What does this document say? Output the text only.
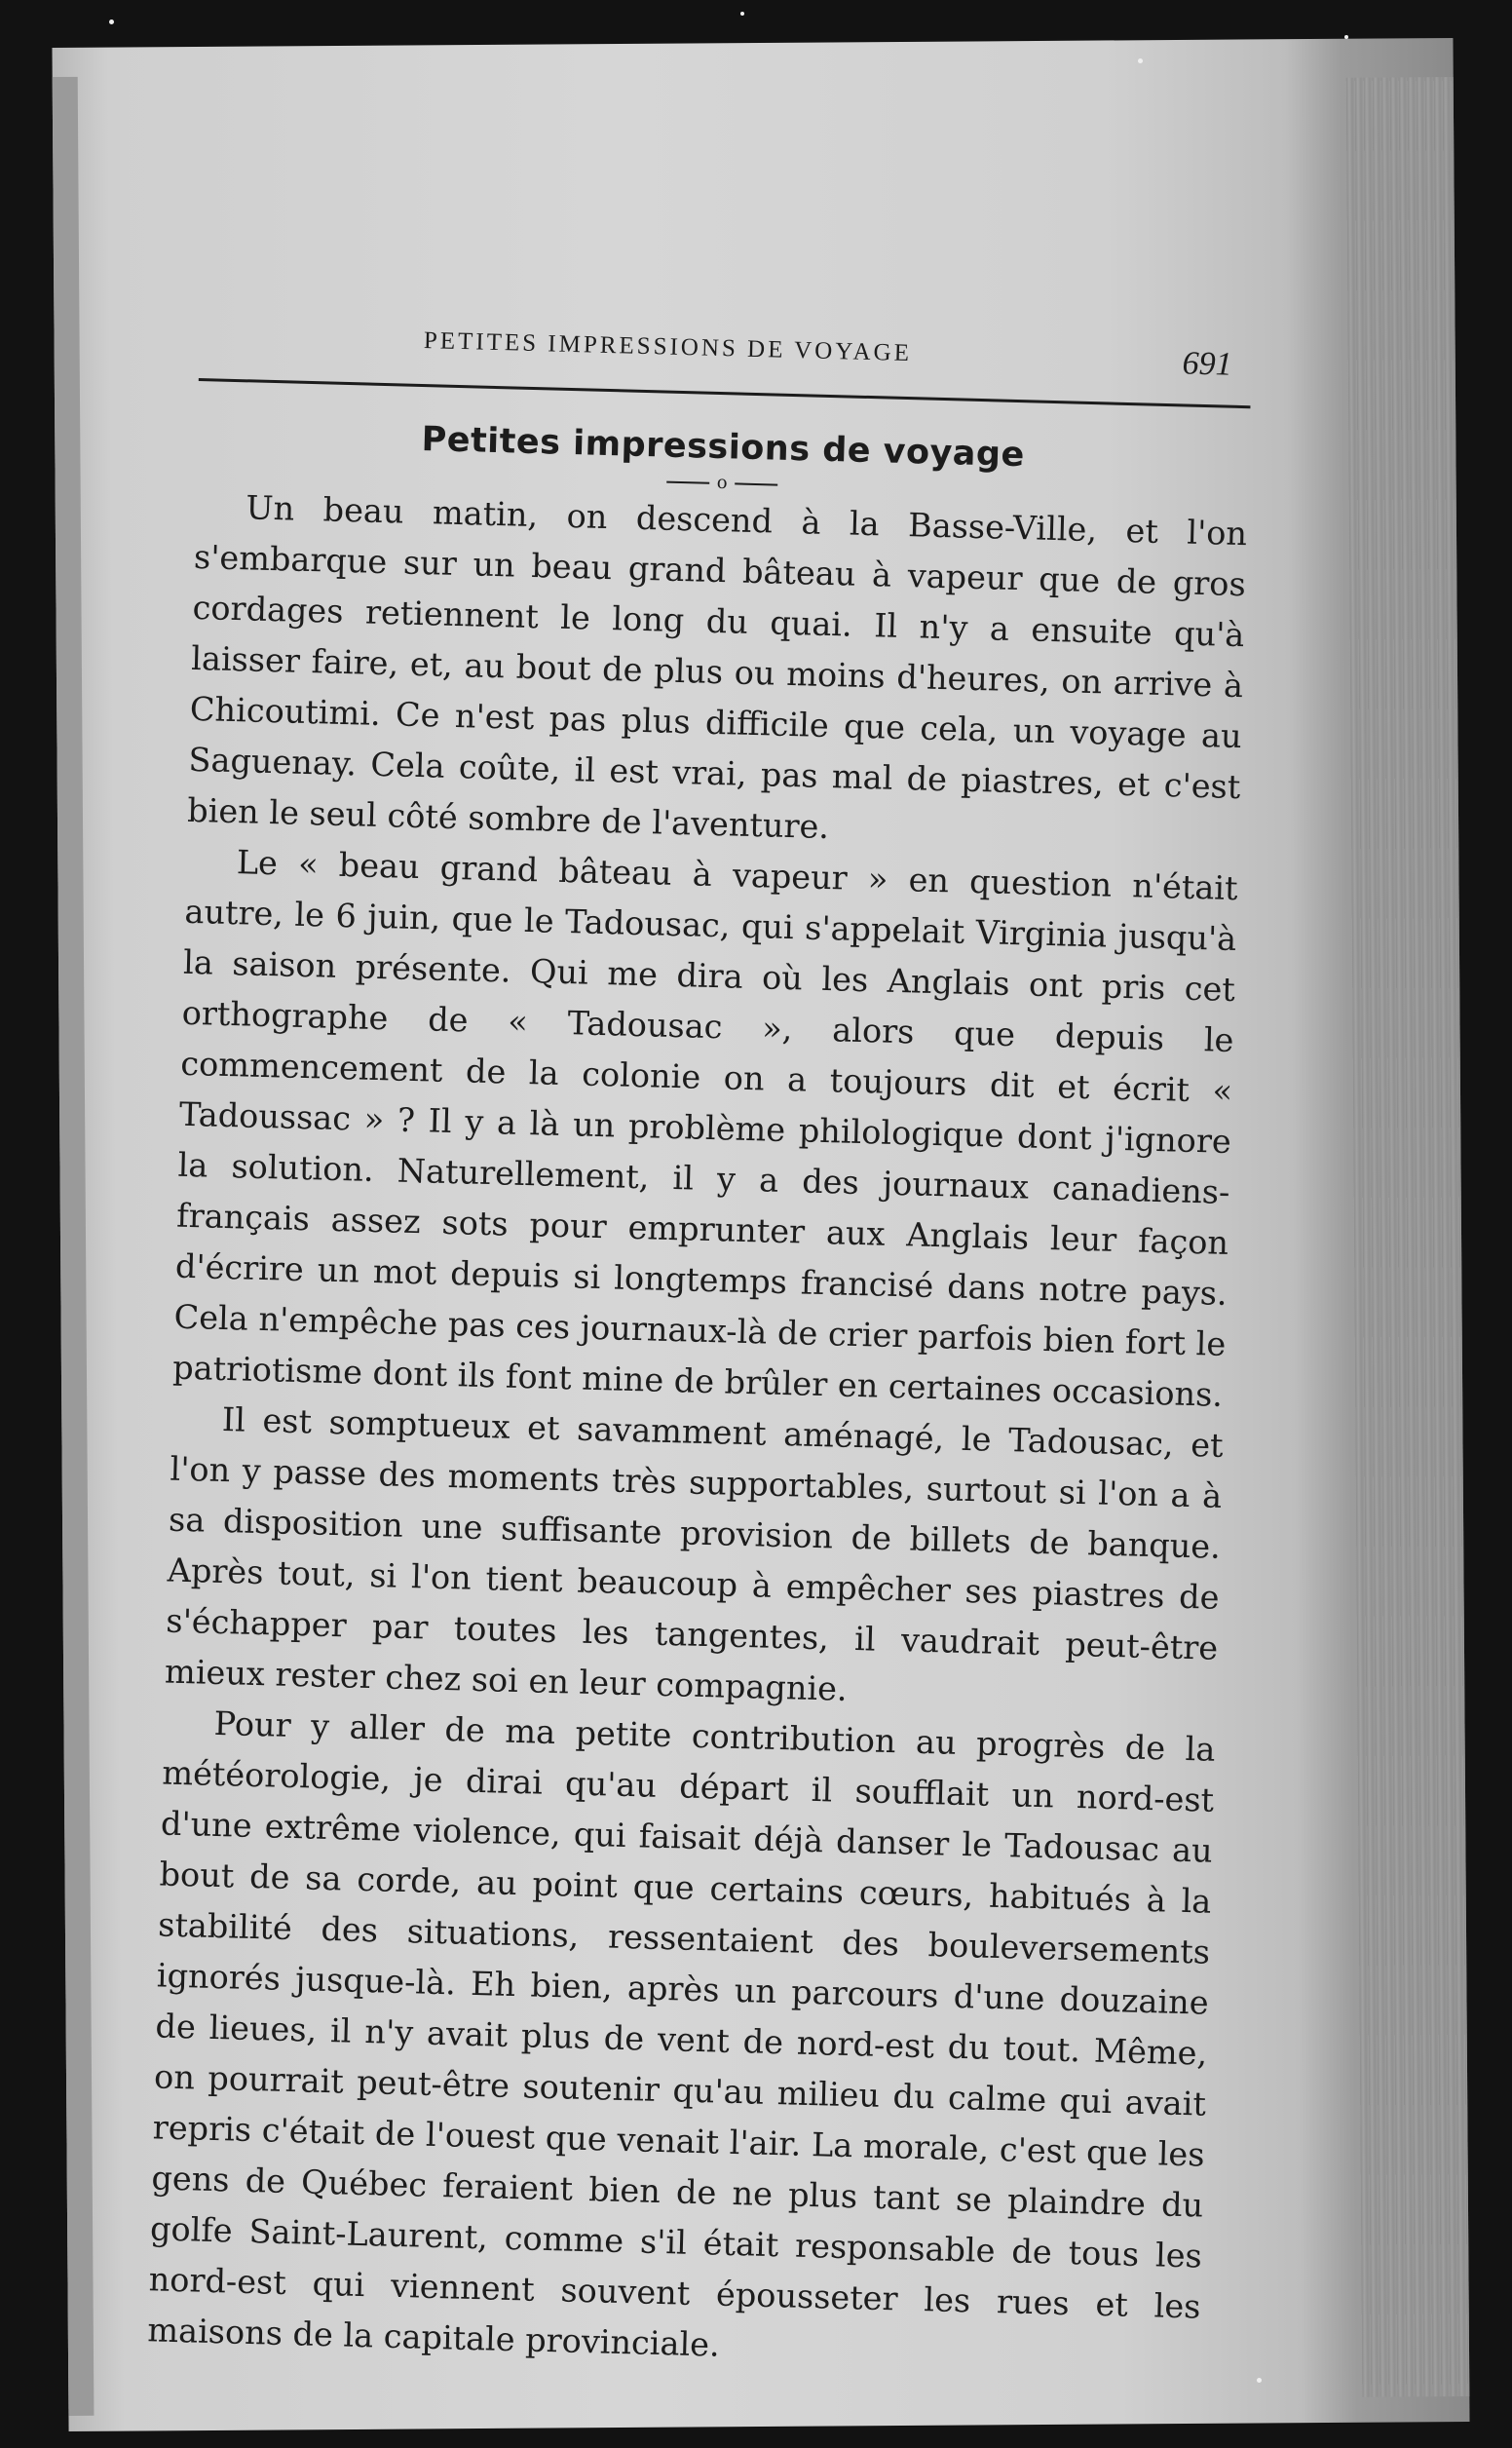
PETITES IMPRESSIONS DE VOYAGE	691
Petites impressions de voyage
o

Un beau matin, on descend à la Basse-Ville, et l'on s'embarque sur un beau grand bâteau à vapeur que de gros cordages retiennent le long du quai. Il n'y a ensuite qu'à laisser faire, et, au bout de plus ou moins d'heures, on arrive à Chicoutimi. Ce n'est pas plus difficile que cela, un voyage au Saguenay. Cela coûte, il est vrai, pas mal de piastres, et c'est bien le seul côté sombre de l'aventure.

Le « beau grand bâteau à vapeur » en question n'était autre, le 6 juin, que le Tadousac, qui s'appelait Virginia jusqu'à la saison présente. Qui me dira où les Anglais ont pris cet orthographe de « Tadousac », alors que depuis le commencement de la colonie on a toujours dit et écrit « Tadoussac » ? Il y a là un problème philologique dont j'ignore la solution. Naturellement, il y a des journaux canadiens-français assez sots pour emprunter aux Anglais leur façon d'écrire un mot depuis si longtemps francisé dans notre pays. Cela n'empêche pas ces journaux-là de crier parfois bien fort le patriotisme dont ils font mine de brûler en certaines occasions.

Il est somptueux et savamment aménagé, le Tadousac, et l'on y passe des moments très supportables, surtout si l'on a à sa disposition une suffisante provision de billets de banque. Après tout, si l'on tient beaucoup à empêcher ses piastres de s'échapper par toutes les tangentes, il vaudrait peut-être mieux rester chez soi en leur compagnie.

Pour y aller de ma petite contribution au progrès de la météorologie, je dirai qu'au départ il soufflait un nord-est d'une extrême violence, qui faisait déjà danser le Tadousac au bout de sa corde, au point que certains cœurs, habitués à la stabilité des situations, ressentaient des bouleversements ignorés jusque-là. Eh bien, après un parcours d'une douzaine de lieues, il n'y avait plus de vent de nord-est du tout. Même, on pourrait peut-être soutenir qu'au milieu du calme qui avait repris c'était de l'ouest que venait l'air. La morale, c'est que les gens de Québec feraient bien de ne plus tant se plaindre du golfe Saint-Laurent, comme s'il était responsable de tous les nord-est qui viennent souvent épousseter les rues et les maisons de la capitale provinciale.
